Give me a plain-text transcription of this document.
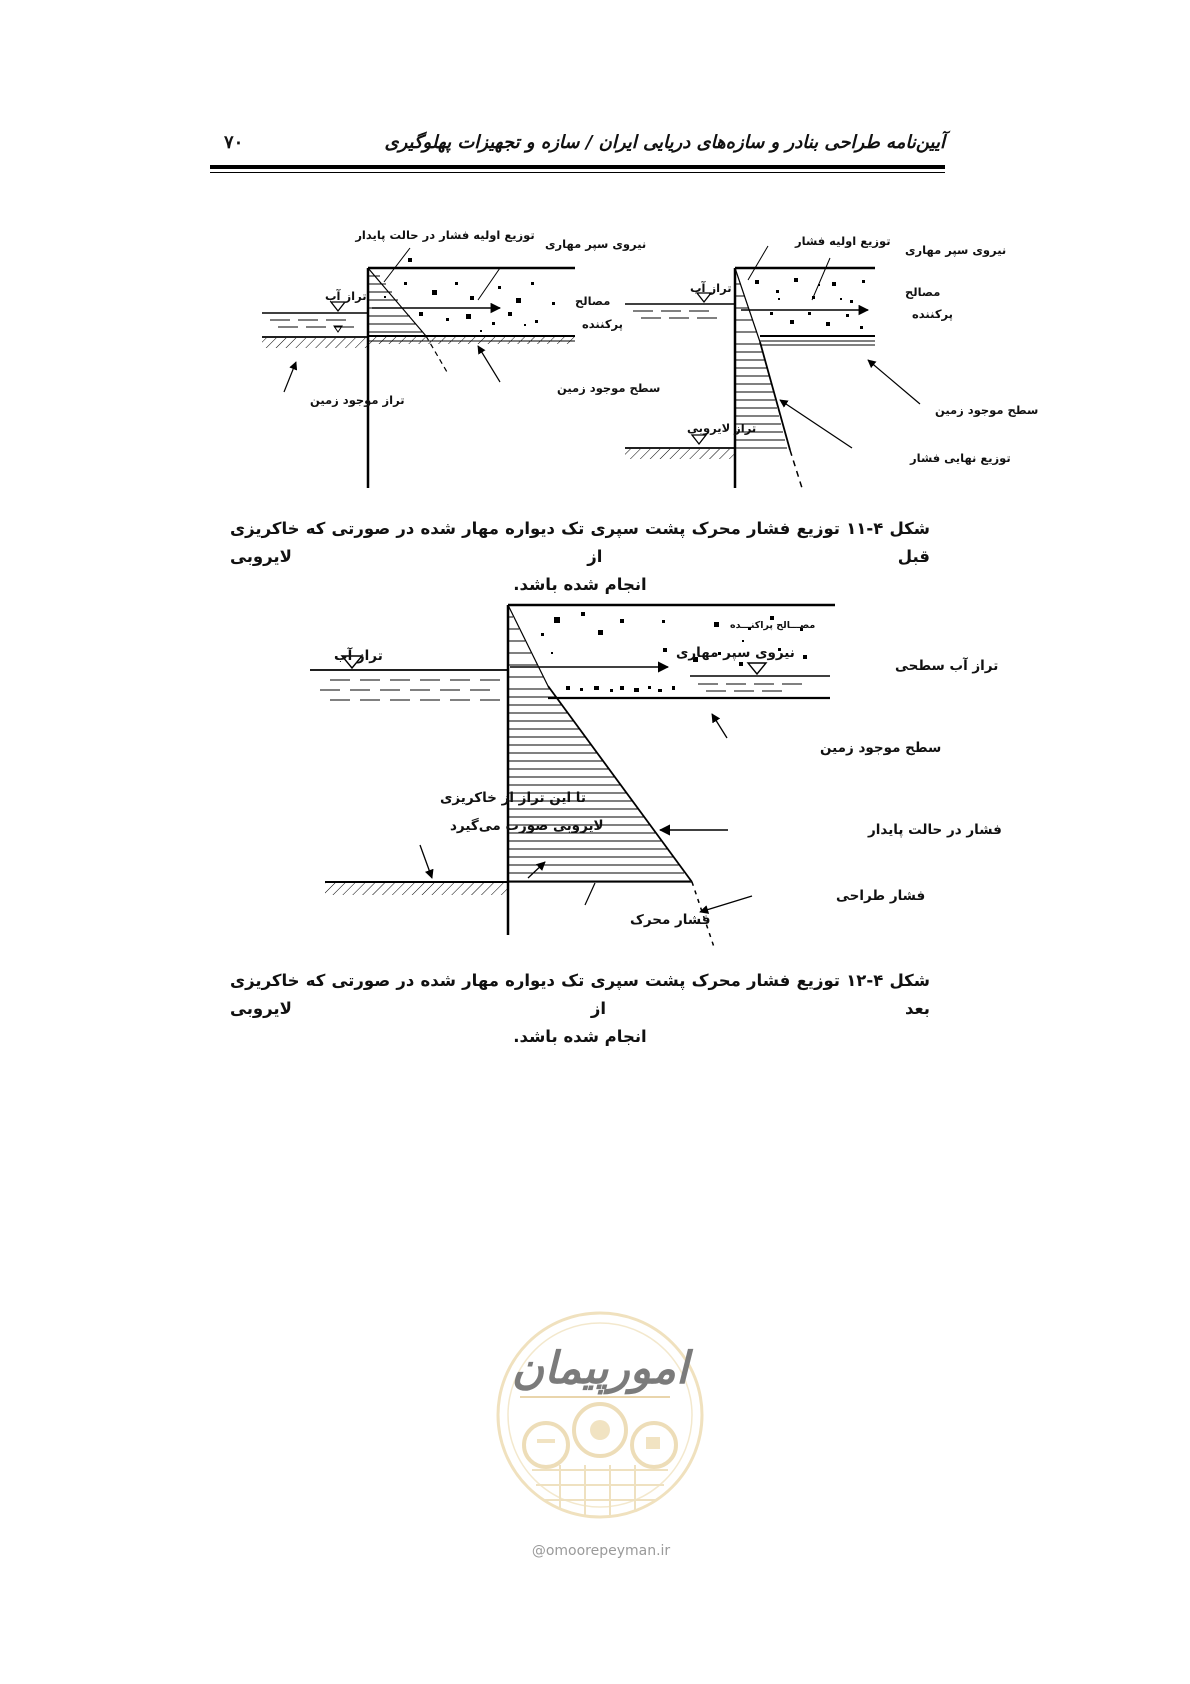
۷۰	آیین‌نامه طراحی بنادر و سازه‌های دریایی ایران / سازه و تجهیزات پهلوگیری
توزیع اولیه فشار در حالت پایدار
نیروی سپر مهاری
تراز آب	مصالح
پرکننده
تراز موجود زمین
سطح موجود زمین
توزیع اولیه فشار
نیروی سپر مهاری
تراز آب	مصالح
پرکننده
سطح موجود زمین
تراز لایروبی
توزیع نهایی فشار
مصـــالح پراکنـــده
نیروی سپر مهاری
تراز آب
تراز آب سطحی
سطح موجود زمین
تا این تراز از خاکریزی
لایروبی صورت می‌گیرد	فشار در حالت پایدار
فشار طراحی
فشار محرک
شکل ۴-۱۱ توزیع فشار محرک پشت سپری تک دیواره مهار شده در صورتی که خاکریزی قبل از لایروبی
انجام شده باشد.
شکل ۴-۱۲ توزیع فشار محرک پشت سپری تک دیواره مهار شده در صورتی که خاکریزی بعد از لایروبی
انجام شده باشد.
امورپیمان
@omoorepeyman.ir
